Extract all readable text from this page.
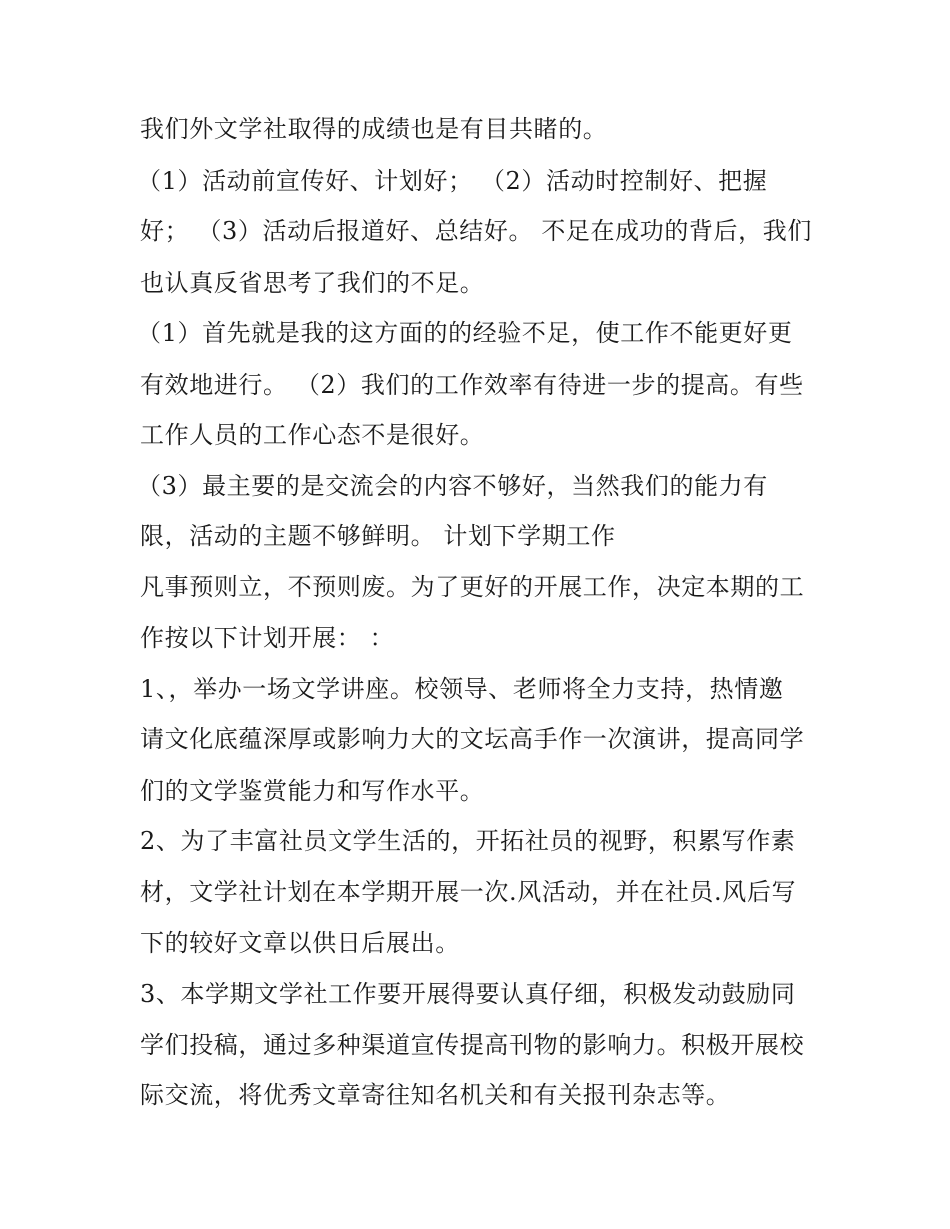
我们外文学社取得的成绩也是有目共睹的。
（1）活动前宣传好、计划好； （2）活动时控制好、把握
好； （3）活动后报道好、总结好。 不足在成功的背后，我们
也认真反省思考了我们的不足。
（1）首先就是我的这方面的的经验不足，使工作不能更好更
有效地进行。 （2）我们的工作效率有待进一步的提高。有些
工作人员的工作心态不是很好。
（3）最主要的是交流会的内容不够好，当然我们的能力有
限，活动的主题不够鲜明。 计划下学期工作
凡事预则立，不预则废。为了更好的开展工作，决定本期的工
作按以下计划开展： ：
1、，举办一场文学讲座。校领导、老师将全力支持，热情邀
请文化底蕴深厚或影响力大的文坛高手作一次演讲，提高同学
们的文学鉴赏能力和写作水平。
2、为了丰富社员文学生活的，开拓社员的视野，积累写作素
材，文学社计划在本学期开展一次.风活动，并在社员.风后写
下的较好文章以供日后展出。
3、本学期文学社工作要开展得要认真仔细，积极发动鼓励同
学们投稿，通过多种渠道宣传提高刊物的影响力。积极开展校
际交流，将优秀文章寄往知名机关和有关报刊杂志等。
